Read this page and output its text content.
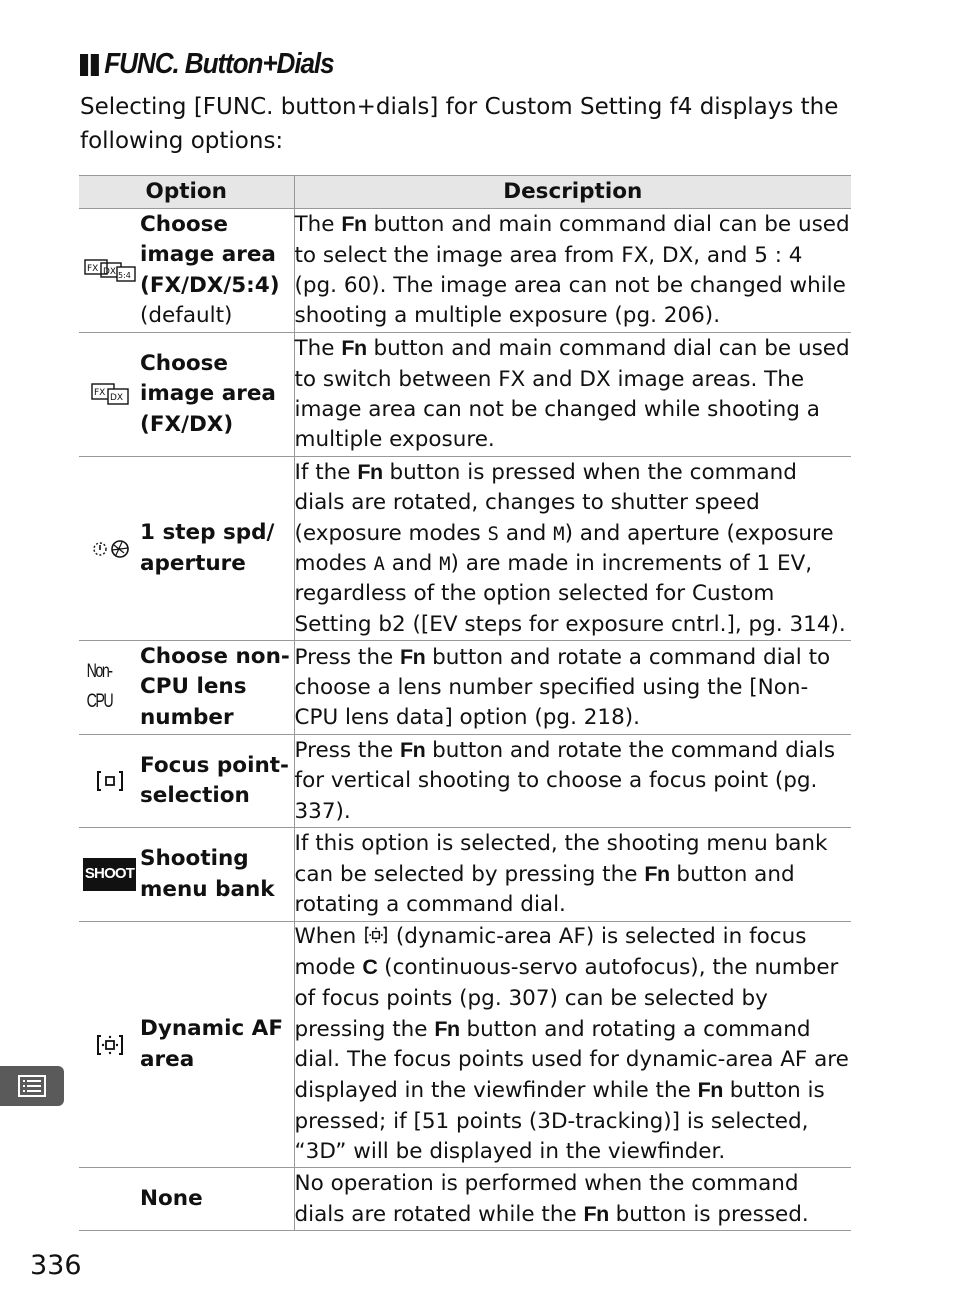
FUNC. Button+Dials
Selecting [FUNC. button+dials] for Custom Setting f4 displays the following options:
Option	Description

FX DX 5:4
Choose image area (FX/DX/5:4)
(default)	The Fn button and main command dial can be used to select the image area from FX, DX, and 5 : 4 (pg. 60). The image area can not be changed while shooting a multiple exposure (pg. 206).

FX DX
Choose image area (FX/DX)	The Fn button and main command dial can be used to switch between FX and DX image areas. The image area can not be changed while shooting a multiple exposure.

1 step spd/ aperture	If the Fn button is pressed when the command dials are rotated, changes to shutter speed (exposure modes S and M) and aperture (exposure modes A and M) are made in increments of 1 EV, regardless of the option selected for Custom Setting b2 ([EV steps for exposure cntrl.], pg. 314).

Non-CPU
Choose non-CPU lens number	Press the Fn button and rotate a command dial to choose a lens number specified using the [Non-CPU lens data] option (pg. 218).

Focus point-selection	Press the Fn button and rotate the command dials for vertical shooting to choose a focus point (pg. 337).

SHOOT
Shooting menu bank	If this option is selected, the shooting menu bank can be selected by pressing the Fn button and rotating a command dial.

Dynamic AF area	When  (dynamic-area AF) is selected in focus mode C (continuous-servo autofocus), the number of focus points (pg. 307) can be selected by pressing the Fn button and rotating a command dial. The focus points used for dynamic-area AF are displayed in the viewfinder while the Fn button is pressed; if [51 points (3D-tracking)] is selected, “3D” will be displayed in the viewfinder.

None	No operation is performed when the command dials are rotated while the Fn button is pressed.
336
